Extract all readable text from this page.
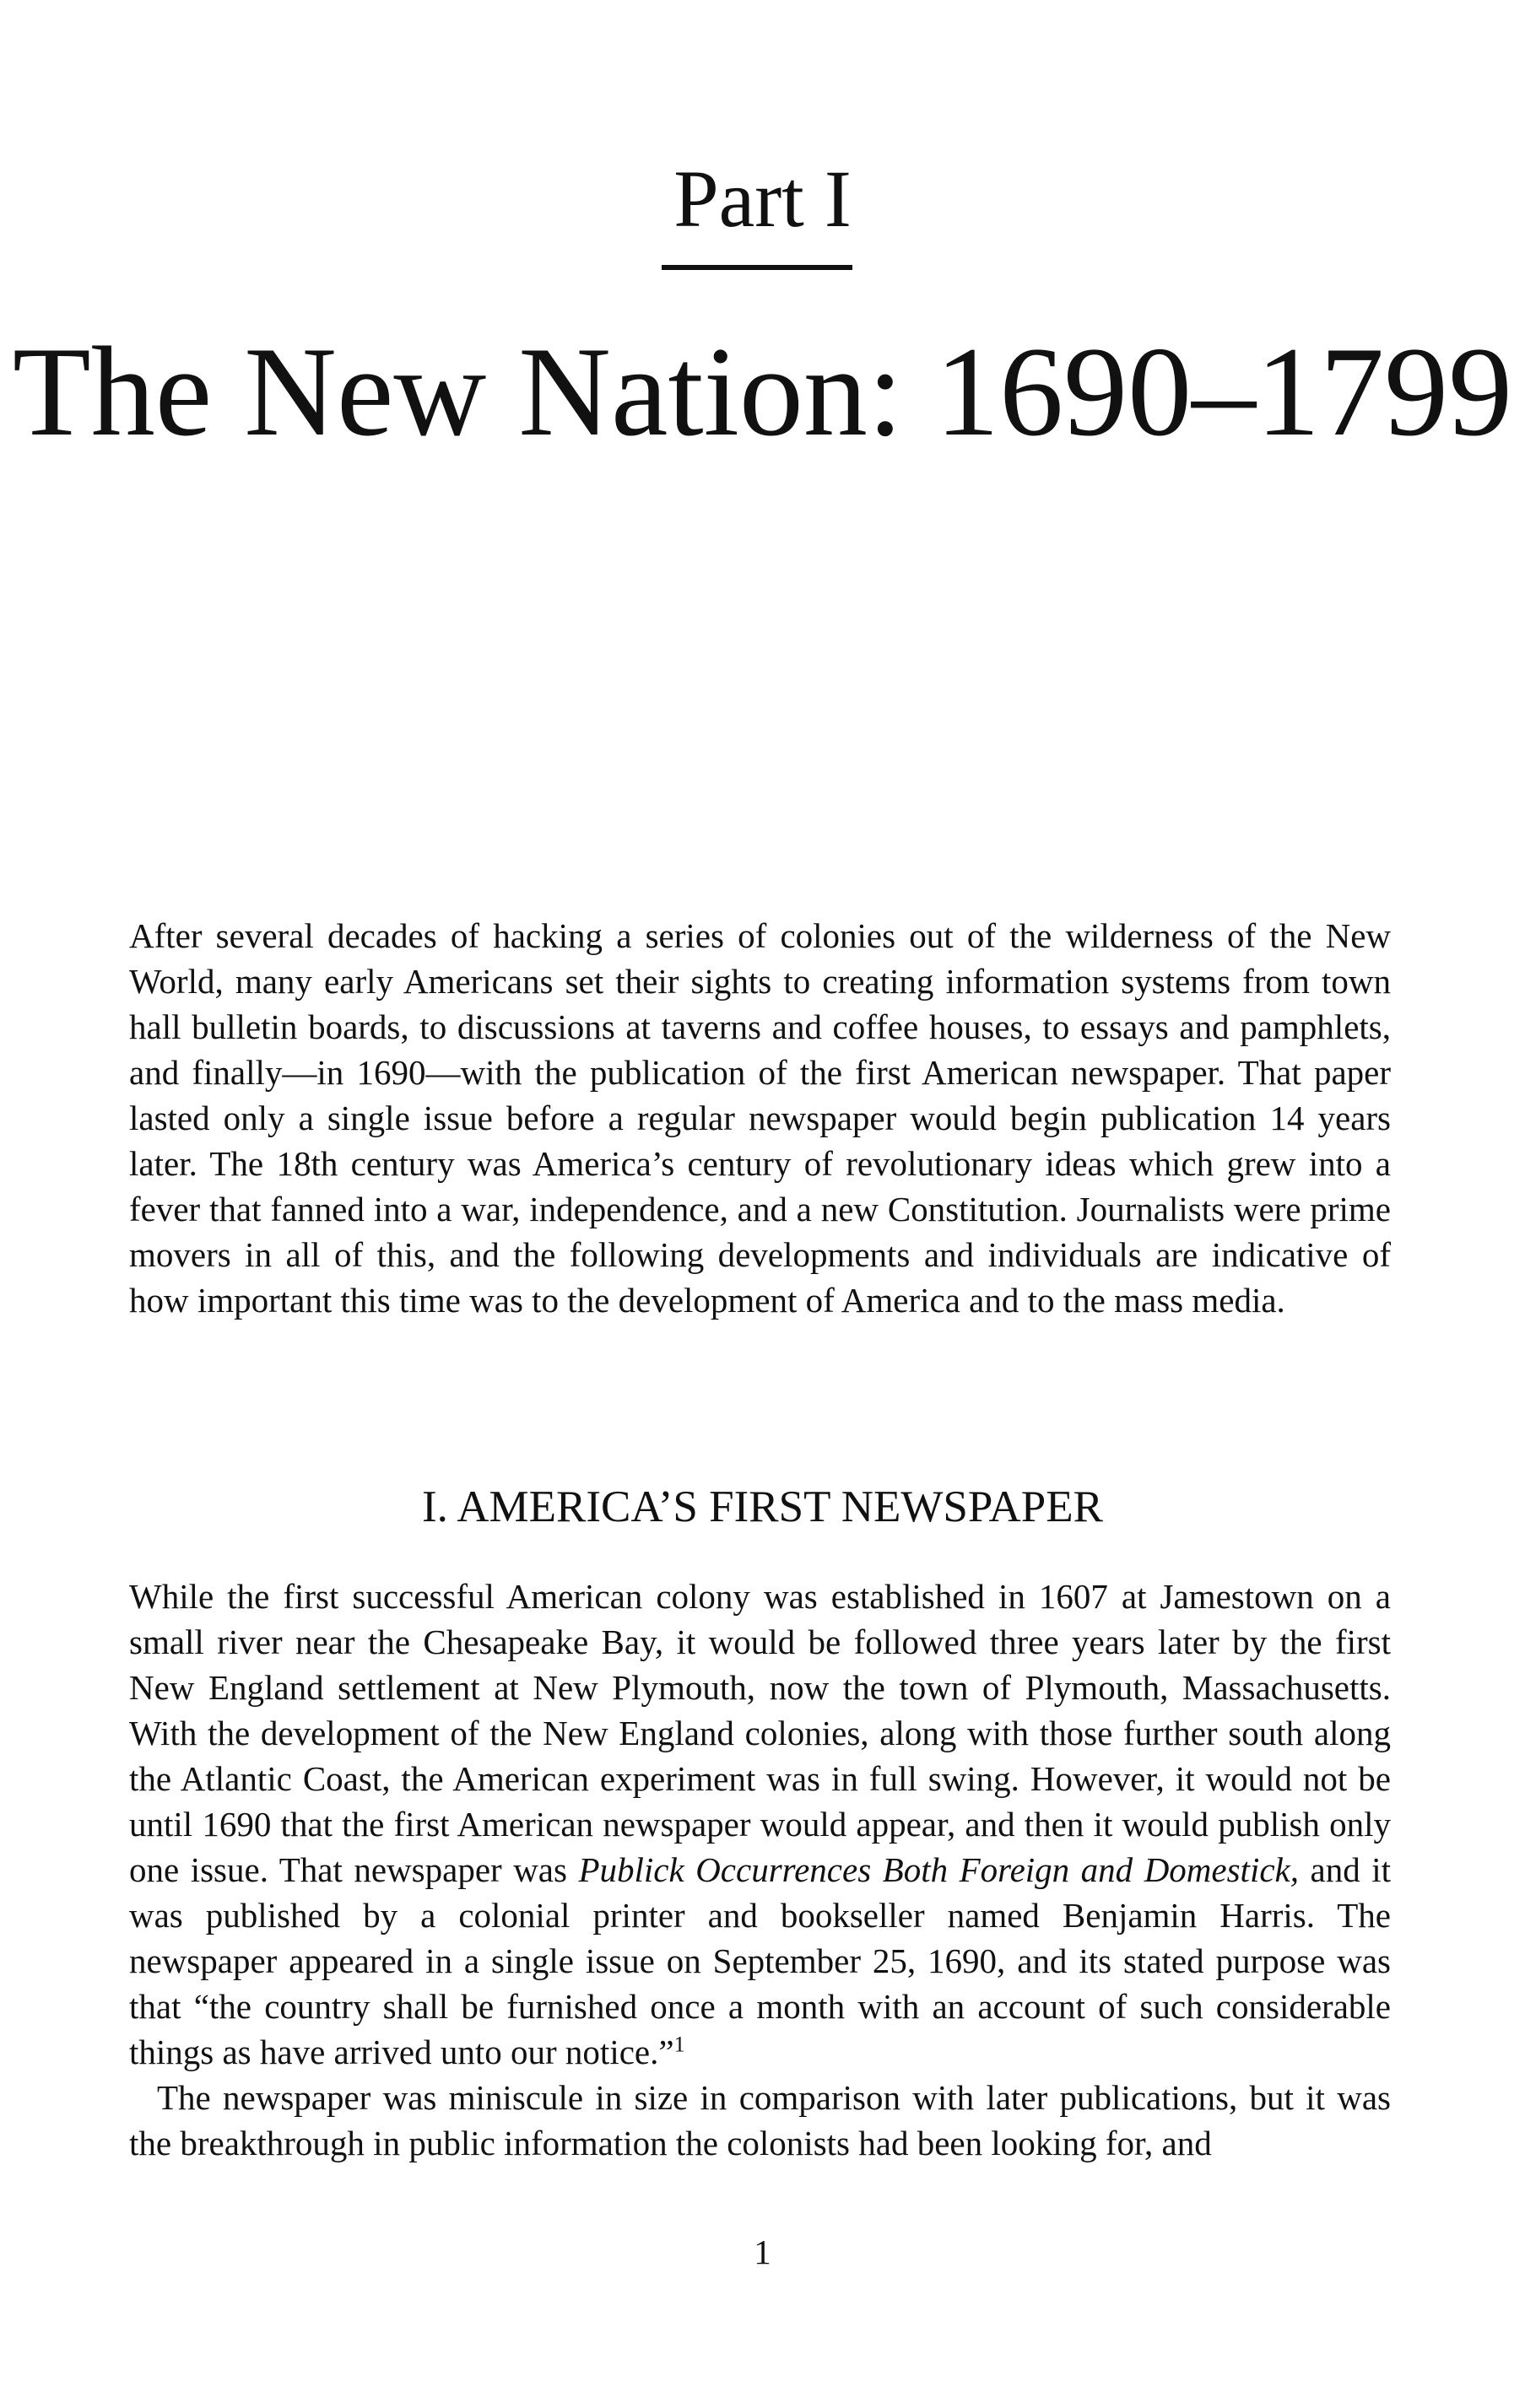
Part I
The New Nation: 1690–1799

After several decades of hacking a series of colonies out of the wilderness of the New World, many early Americans set their sights to creating information systems from town hall bulletin boards, to discussions at taverns and coffee houses, to essays and pamphlets, and finally—in 1690—with the publication of the first American newspaper. That paper lasted only a single issue before a regular newspaper would begin publication 14 years later. The 18th century was America’s century of revolutionary ideas which grew into a fever that fanned into a war, independence, and a new Constitution. Journalists were prime movers in all of this, and the following developments and individuals are indicative of how important this time was to the development of America and to the mass media.

I. AMERICA’S FIRST NEWSPAPER

While the first successful American colony was established in 1607 at Jamestown on a small river near the Chesapeake Bay, it would be followed three years later by the first New England settlement at New Plymouth, now the town of Plymouth, Massachusetts. With the development of the New England colonies, along with those further south along the Atlantic Coast, the American experiment was in full swing. However, it would not be until 1690 that the first American newspaper would appear, and then it would publish only one issue. That newspaper was Publick Occurrences Both Foreign and Domestick, and it was published by a colonial printer and bookseller named Benjamin Harris. The newspaper appeared in a single issue on September 25, 1690, and its stated purpose was that “the country shall be furnished once a month with an account of such considerable things as have arrived unto our notice.”$^1$

The newspaper was miniscule in size in comparison with later publications, but it was the breakthrough in public information the colonists had been looking for, and

1
